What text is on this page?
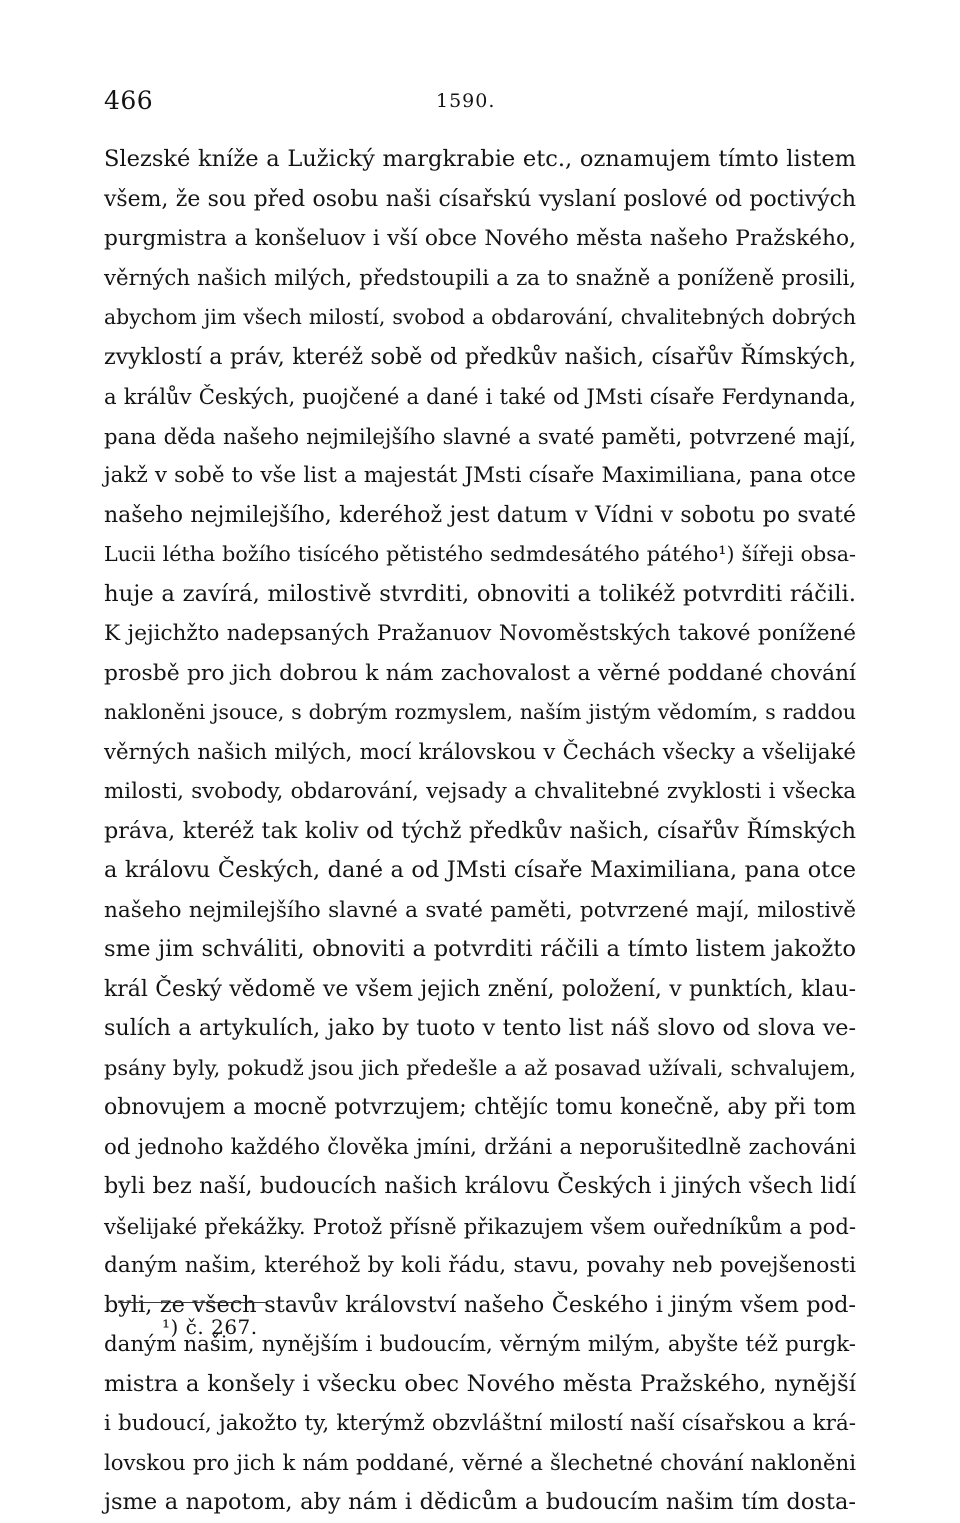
466	1590.
Slezské kníže a Lužický margkrabie etc., oznamujem tímto listem
všem, že sou před osobu naši císařskú vyslaní poslové od poctivých
purgmistra a konšeluov i vší obce Nového města našeho Pražského,
věrných našich milých, předstoupili a za to snažně a poníženě prosili,
abychom jim všech milostí, svobod a obdarování, chvalitebných dobrých
zvyklostí a práv, kteréž sobě od předkův našich, císařův Římských,
a králův Českých, puojčené a dané i také od JMsti císaře Ferdynanda,
pana děda našeho nejmilejšího slavné a svaté paměti, potvrzené mají,
jakž v sobě to vše list a majestát JMsti císaře Maximiliana, pana otce
našeho nejmilejšího, kderéhož jest datum v Vídni v sobotu po svaté
Lucii létha božího tisícého pětistého sedmdesátého pátého¹) šířeji obsa-
huje a zavírá, milostivě stvrditi, obnoviti a tolikéž potvrditi ráčili.
K jejichžto nadepsaných Pražanuov Novoměstských takové ponížené
prosbě pro jich dobrou k nám zachovalost a věrné poddané chování
nakloněni jsouce, s dobrým rozmyslem, naším jistým vědomím, s raddou
věrných našich milých, mocí královskou v Čechách všecky a všelijaké
milosti, svobody, obdarování, vejsady a chvalitebné zvyklosti i všecka
práva, kteréž tak koliv od týchž předkův našich, císařův Římských
a královu Českých, dané a od JMsti císaře Maximiliana, pana otce
našeho nejmilejšího slavné a svaté paměti, potvrzené mají, milostivě
sme jim schváliti, obnoviti a potvrditi ráčili a tímto listem jakožto
král Český vědomě ve všem jejich znění, položení, v punktích, klau-
sulích a artykulích, jako by tuoto v tento list náš slovo od slova ve-
psány byly, pokudž jsou jich předešle a až posavad užívali, schvalujem,
obnovujem a mocně potvrzujem; chtějíc tomu konečně, aby při tom
od jednoho každého člověka jmíni, držáni a neporušitedlně zachováni
byli bez naší, budoucích našich královu Českých i jiných všech lidí
všelijaké překážky. Protož přísně přikazujem všem ouředníkům a pod-
daným našim, kteréhož by koli řádu, stavu, povahy neb povejšenosti
byli, ze všech stavův království našeho Českého i jiným všem pod-
daným našim, nynějším i budoucím, věrným milým, abyšte též purgk-
mistra a konšely i všecku obec Nového města Pražského, nynější
i budoucí, jakožto ty, kterýmž obzvláštní milostí naší císařskou a krá-
lovskou pro jich k nám poddané, věrné a šlechetné chování nakloněni
jsme a napotom, aby nám i dědicům a budoucím našim tím dosta-
¹) č. 267.
